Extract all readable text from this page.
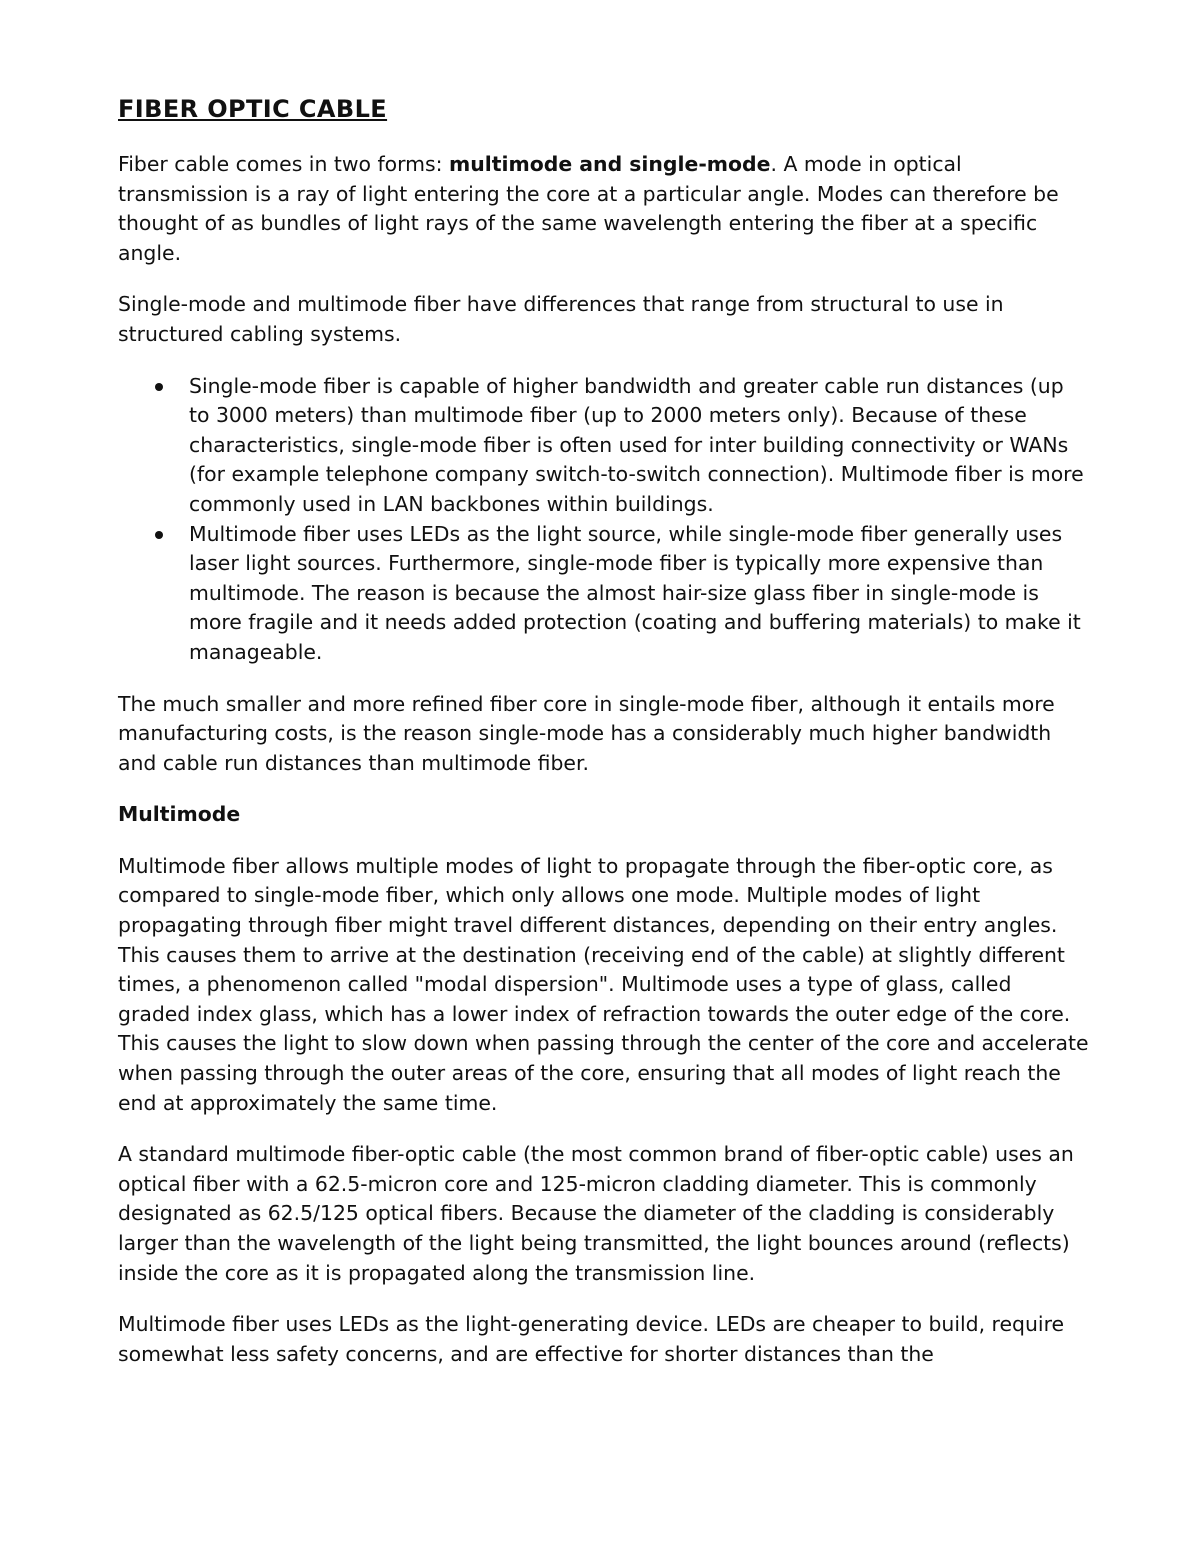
FIBER OPTIC CABLE

Fiber cable comes in two forms: multimode and single-mode. A mode in optical transmission is a ray of light entering the core at a particular angle. Modes can therefore be thought of as bundles of light rays of the same wavelength entering the fiber at a specific angle.

Single-mode and multimode fiber have differences that range from structural to use in structured cabling systems.

Single-mode fiber is capable of higher bandwidth and greater cable run distances (up to 3000 meters) than multimode fiber (up to 2000 meters only). Because of these characteristics, single-mode fiber is often used for inter building connectivity or WANs (for example telephone company switch-to-switch connection). Multimode fiber is more commonly used in LAN backbones within buildings.
Multimode fiber uses LEDs as the light source, while single-mode fiber generally uses laser light sources. Furthermore, single-mode fiber is typically more expensive than multimode. The reason is because the almost hair-size glass fiber in single-mode is more fragile and it needs added protection (coating and buffering materials) to make it manageable.

The much smaller and more refined fiber core in single-mode fiber, although it entails more manufacturing costs, is the reason single-mode has a considerably much higher bandwidth and cable run distances than multimode fiber.

Multimode

Multimode fiber allows multiple modes of light to propagate through the fiber-optic core, as compared to single-mode fiber, which only allows one mode. Multiple modes of light propagating through fiber might travel different distances, depending on their entry angles. This causes them to arrive at the destination (receiving end of the cable) at slightly different times, a phenomenon called "modal dispersion". Multimode uses a type of glass, called graded index glass, which has a lower index of refraction towards the outer edge of the core. This causes the light to slow down when passing through the center of the core and accelerate when passing through the outer areas of the core, ensuring that all modes of light reach the end at approximately the same time.

A standard multimode fiber-optic cable (the most common brand of fiber-optic cable) uses an optical fiber with a 62.5-micron core and 125-micron cladding diameter. This is commonly designated as 62.5/125 optical fibers. Because the diameter of the cladding is considerably larger than the wavelength of the light being transmitted, the light bounces around (reflects) inside the core as it is propagated along the transmission line.

Multimode fiber uses LEDs as the light-generating device. LEDs are cheaper to build, require somewhat less safety concerns, and are effective for shorter distances than the
